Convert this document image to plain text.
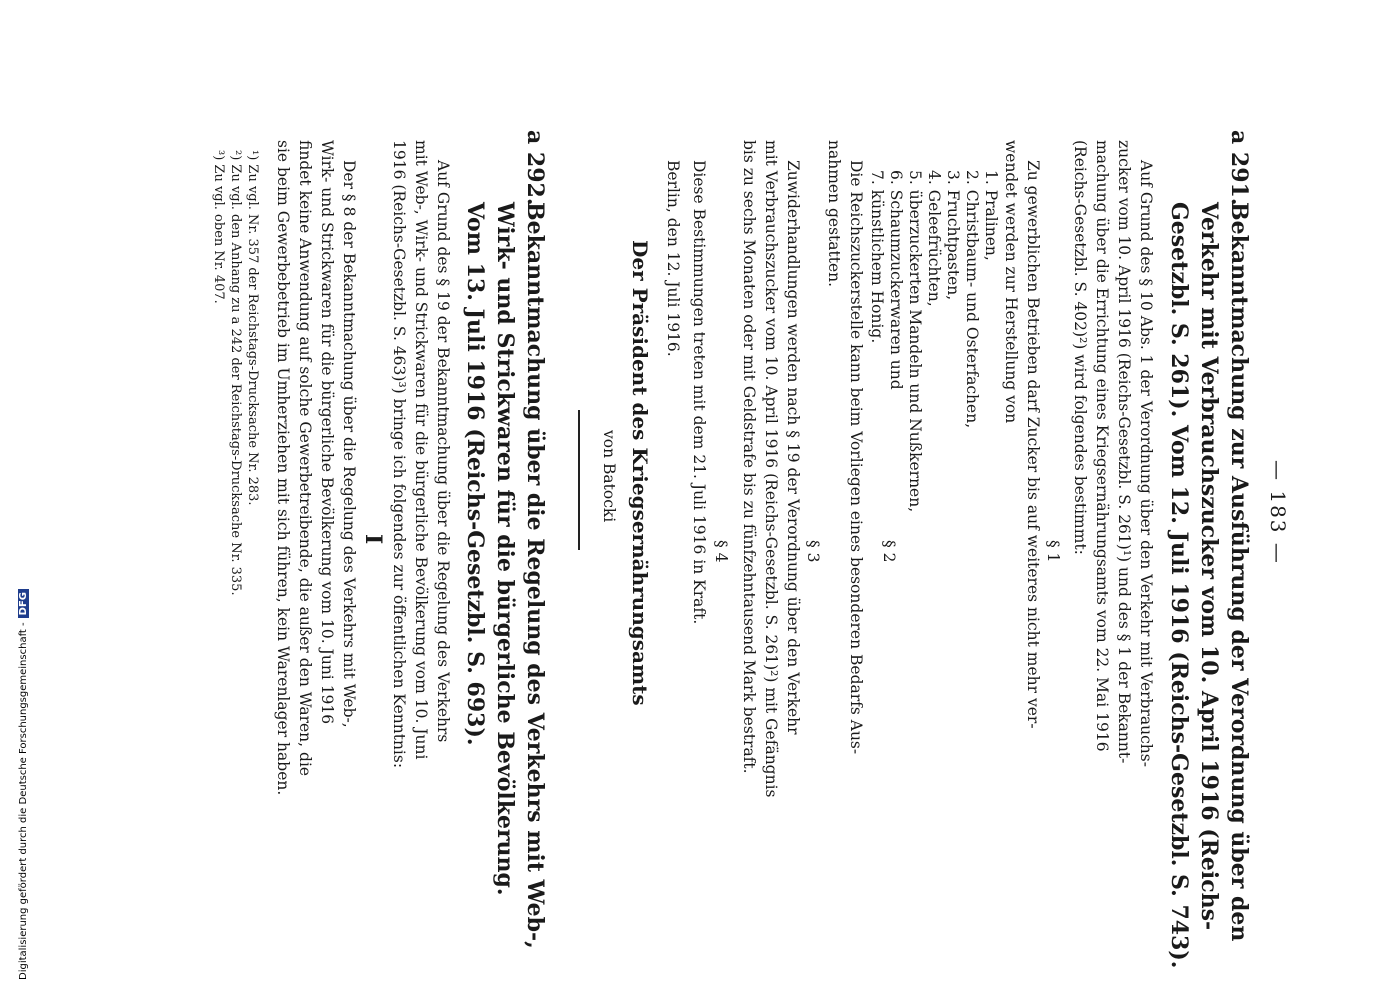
— 183 —
a 291.
Bekanntmachung zur Ausführung der Verordnung über den
Verkehr mit Verbrauchszucker vom 10. April 1916 (Reichs-
Gesetzbl. S. 261). Vom 12. Juli 1916 (Reichs-Gesetzbl. S. 743).
Auf Grund des § 10 Abs. 1 der Verordnung über den Verkehr mit Verbrauchs-
zucker vom 10. April 1916 (Reichs-Gesetzbl. S. 261)¹) und des § 1 der Bekannt-
machung über die Errichtung eines Kriegsernährungsamts vom 22. Mai 1916
(Reichs-Gesetzbl. S. 402)²) wird folgendes bestimmt:
§ 1
Zu gewerblichen Betrieben darf Zucker bis auf weiteres nicht mehr ver-
wendet werden zur Herstellung von
1. Pralinen,
2. Christbaum- und Osterfachen,
3. Fruchtpasten,
4. Geleefrüchten,
5. überzuckerten Mandeln und Nußkernen,
6. Schaumzuckerwaren und
7. künstlichem Honig.
§ 2
Die Reichszuckerstelle kann beim Vorliegen eines besonderen Bedarfs Aus-
nahmen gestatten.
§ 3
Zuwiderhandlungen werden nach § 19 der Verordnung über den Verkehr
mit Verbrauchszucker vom 10. April 1916 (Reichs-Gesetzbl. S. 261)²) mit Gefängnis
bis zu sechs Monaten oder mit Geldstrafe bis zu fünfzehntausend Mark bestraft.
§ 4
Diese Bestimmungen treten mit dem 21. Juli 1916 in Kraft.
Berlin, den 12. Juli 1916.
Der Präsident des Kriegsernährungsamts
von Batocki
a 292.
Bekanntmachung über die Regelung des Verkehrs mit Web-,
Wirk- und Strickwaren für die bürgerliche Bevölkerung.
Vom 13. Juli 1916 (Reichs-Gesetzbl. S. 693).
Auf Grund des § 19 der Bekanntmachung über die Regelung des Verkehrs
mit Web-, Wirk- und Strickwaren für die bürgerliche Bevölkerung vom 10. Juni
1916 (Reichs-Gesetzbl. S. 463)³) bringe ich folgendes zur öffentlichen Kenntnis:
I
Der § 8 der Bekanntmachung über die Regelung des Verkehrs mit Web-,
Wirk- und Strickwaren für die bürgerliche Bevölkerung vom 10. Juni 1916
findet keine Anwendung auf solche Gewerbetreibende, die außer den Waren, die
sie beim Gewerbebetrieb im Umherziehen mit sich führen, kein Warenlager haben.
¹) Zu vgl. Nr. 357 der Reichstags-Drucksache Nr. 283.
²) Zu vgl. den Anhang zu a 242 der Reichstags-Drucksache Nr. 335.
³) Zu vgl. oben Nr. 407.
Digitalisierung gefördert durch die Deutsche Forschungsgemeinschaft -DFG
